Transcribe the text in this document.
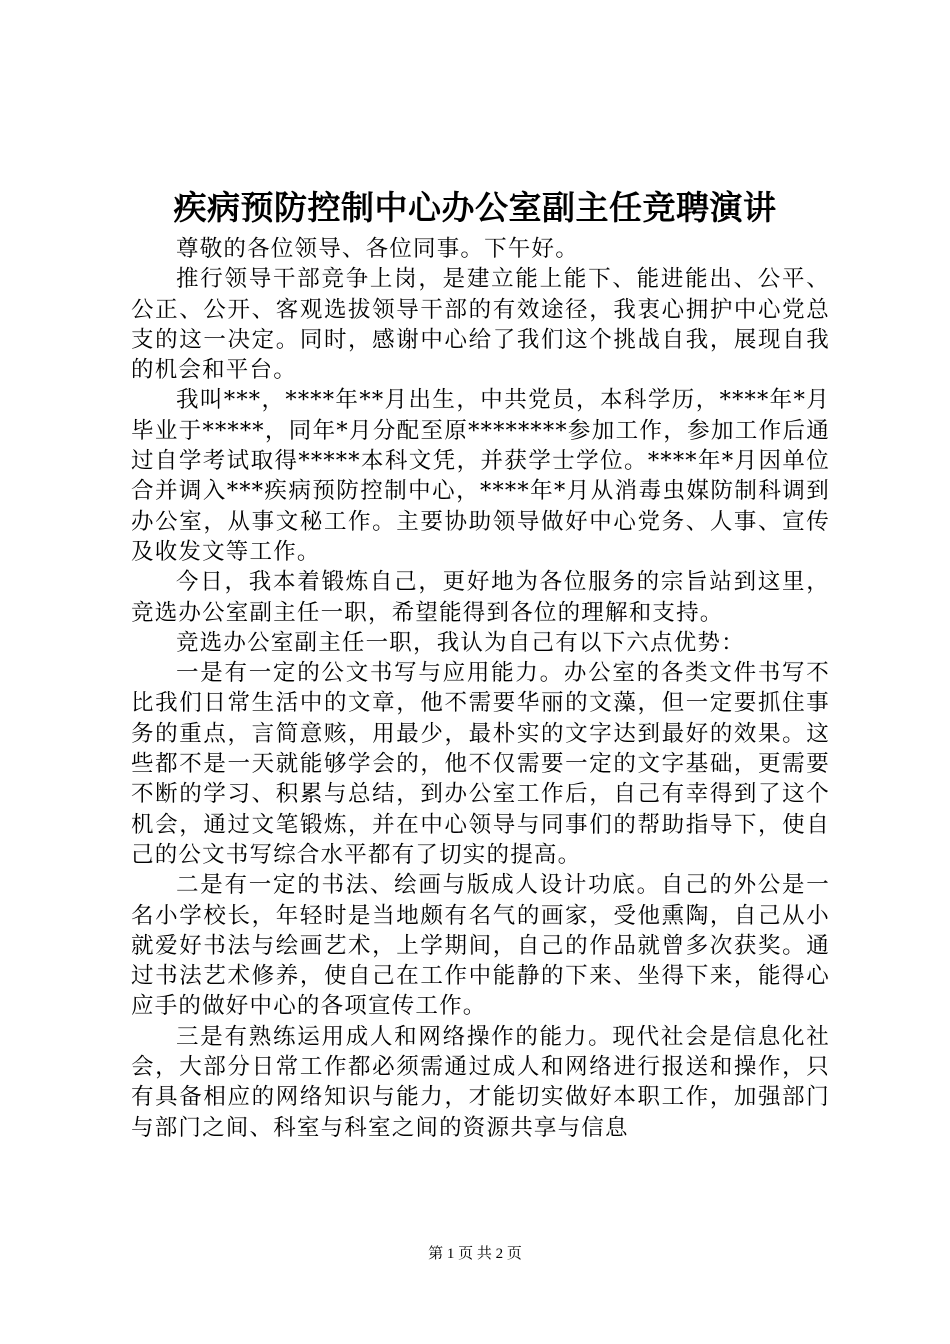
疾病预防控制中心办公室副主任竞聘演讲

尊敬的各位领导、各位同事。下午好。

推行领导干部竞争上岗，是建立能上能下、能进能出、公平、公正、公开、客观选拔领导干部的有效途径，我衷心拥护中心党总支的这一决定。同时，感谢中心给了我们这个挑战自我，展现自我的机会和平台。

我叫***，****年**月出生，中共党员，本科学历，****年*月毕业于*****，同年*月分配至原********参加工作，参加工作后通过自学考试取得*****本科文凭，并获学士学位。****年*月因单位合并调入***疾病预防控制中心，****年*月从消毒虫媒防制科调到办公室，从事文秘工作。主要协助领导做好中心党务、人事、宣传及收发文等工作。

今日，我本着锻炼自己，更好地为各位服务的宗旨站到这里，竞选办公室副主任一职，希望能得到各位的理解和支持。

竞选办公室副主任一职，我认为自己有以下六点优势：

一是有一定的公文书写与应用能力。办公室的各类文件书写不比我们日常生活中的文章，他不需要华丽的文藻，但一定要抓住事务的重点，言简意赅，用最少，最朴实的文字达到最好的效果。这些都不是一天就能够学会的，他不仅需要一定的文字基础，更需要不断的学习、积累与总结，到办公室工作后，自己有幸得到了这个机会，通过文笔锻炼，并在中心领导与同事们的帮助指导下，使自己的公文书写综合水平都有了切实的提高。

二是有一定的书法、绘画与版成人设计功底。自己的外公是一名小学校长，年轻时是当地颇有名气的画家，受他熏陶，自己从小就爱好书法与绘画艺术，上学期间，自己的作品就曾多次获奖。通过书法艺术修养，使自己在工作中能静的下来、坐得下来，能得心应手的做好中心的各项宣传工作。

三是有熟练运用成人和网络操作的能力。现代社会是信息化社会，大部分日常工作都必须需通过成人和网络进行报送和操作，只有具备相应的网络知识与能力，才能切实做好本职工作，加强部门与部门之间、科室与科室之间的资源共享与信息

第 1 页 共 2 页
